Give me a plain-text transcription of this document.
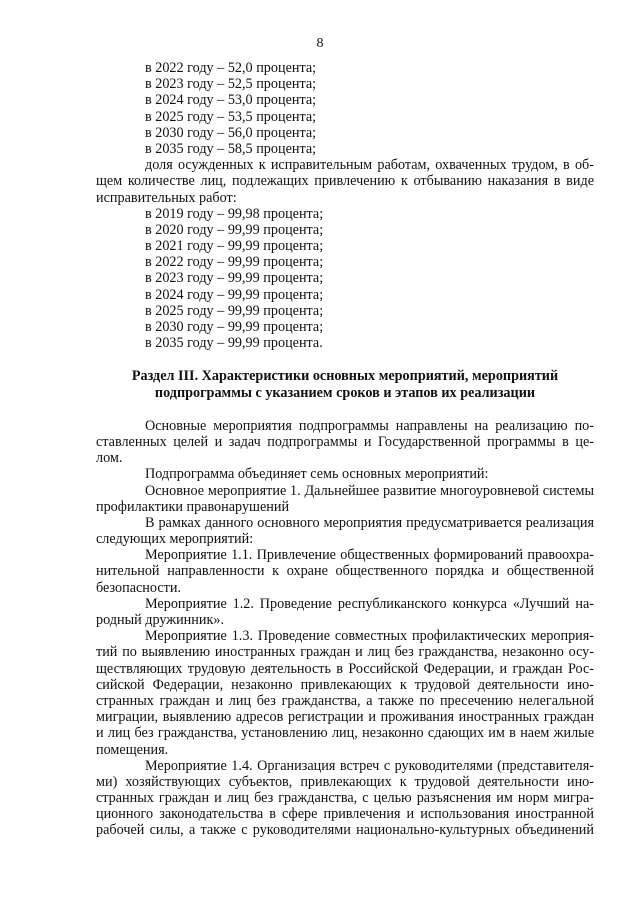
8
в 2022 году – 52,0 процента;
в 2023 году – 52,5 процента;
в 2024 году – 53,0 процента;
в 2025 году – 53,5 процента;
в 2030 году – 56,0 процента;
в 2035 году – 58,5 процента;
доля осужденных к исправительным работам, охваченных трудом, в об-
щем количестве лиц, подлежащих привлечению к отбыванию наказания в виде
исправительных работ:
в 2019 году – 99,98 процента;
в 2020 году – 99,99 процента;
в 2021 году – 99,99 процента;
в 2022 году – 99,99 процента;
в 2023 году – 99,99 процента;
в 2024 году – 99,99 процента;
в 2025 году – 99,99 процента;
в 2030 году – 99,99 процента;
в 2035 году – 99,99 процента.
Раздел III. Характеристики основных мероприятий, мероприятий
подпрограммы с указанием сроков и этапов их реализации
Основные мероприятия подпрограммы направлены на реализацию по-
ставленных целей и задач подпрограммы и Государственной программы в це-
лом.
Подпрограмма объединяет семь основных мероприятий:
Основное мероприятие 1. Дальнейшее развитие многоуровневой системы
профилактики правонарушений
В рамках данного основного мероприятия предусматривается реализация
следующих мероприятий:
Мероприятие 1.1. Привлечение общественных формирований правоохра-
нительной направленности к охране общественного порядка и общественной
безопасности.
Мероприятие 1.2. Проведение республиканского конкурса «Лучший на-
родный дружинник».
Мероприятие 1.3. Проведение совместных профилактических мероприя-
тий по выявлению иностранных граждан и лиц без гражданства, незаконно осу-
ществляющих трудовую деятельность в Российской Федерации, и граждан Рос-
сийской Федерации, незаконно привлекающих к трудовой деятельности ино-
странных граждан и лиц без гражданства, а также по пресечению нелегальной
миграции, выявлению адресов регистрации и проживания иностранных граждан
и лиц без гражданства, установлению лиц, незаконно сдающих им в наем жилые
помещения.
Мероприятие 1.4. Организация встреч с руководителями (представителя-
ми) хозяйствующих субъектов, привлекающих к трудовой деятельности ино-
странных граждан и лиц без гражданства, с целью разъяснения им норм мигра-
ционного законодательства в сфере привлечения и использования иностранной
рабочей силы, а также с руководителями национально-культурных объединений
